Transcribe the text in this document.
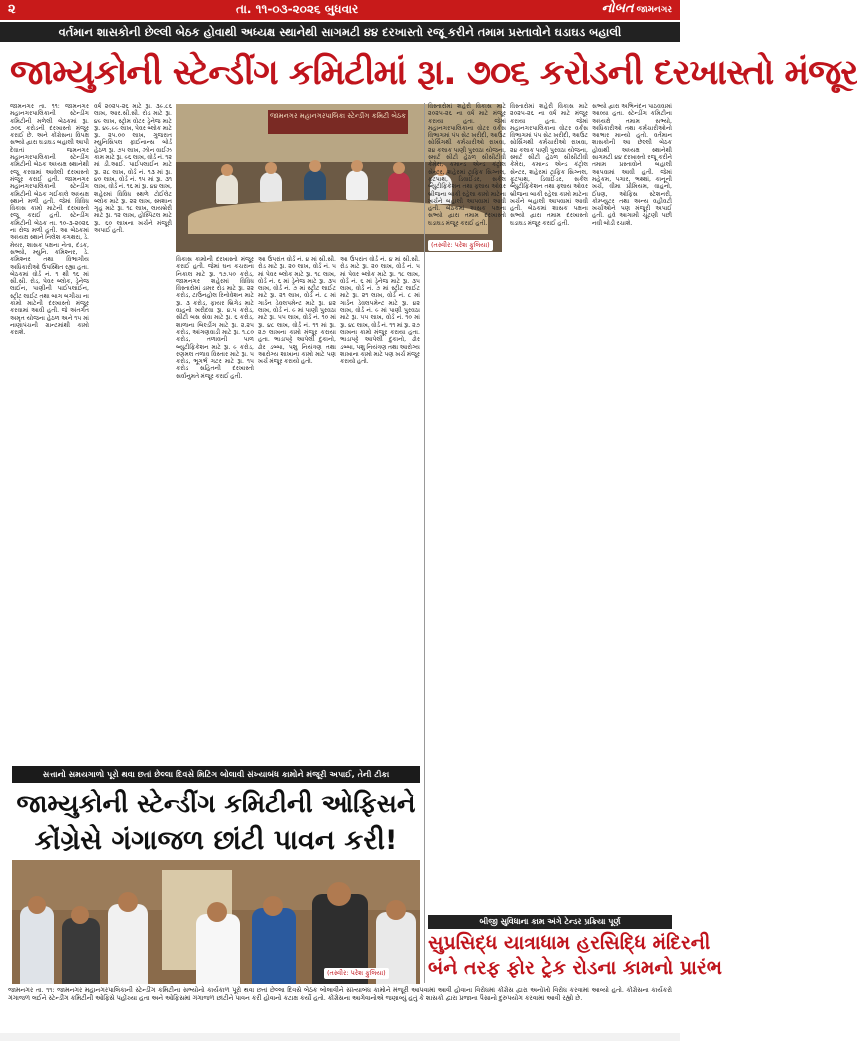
૨	તા. ૧૧-૦૩-૨૦૨૬ બુધવાર	નોબત જામનગર
વર્તમાન શાસકોની છેલ્લી બેઠક હોવાથી અધ્યક્ષ સ્થાનેથી સાગમટી ૪૪ દરખાસ્તો રજૂ કરીને તમામ પ્રસ્તાવોને ઘડાઘડ બહાલી
જામ્યુકોની સ્ટેન્ડીંગ કમિટીમાં રૂા. ૭૦૬ કરોડની દરખાસ્તો મંજૂર
જામનગર તા. ૧૧: જામનગર મહાનગરપાલિકાની સ્ટેન્ડીંગ કમિટીની મળેલી બેઠકમાં રૂા. ૭૦૬ કરોડની દરખાસ્તો મંજૂર કરાઈ છે. અને કોંગ્રેસના વિપક્ષ સભ્યો દ્વારા ઘડાઘડ બહાલી આપી દેવાતાં જમનગર મહાનગરપાલિકાની સ્ટેન્ડીંગ કમિટીની બેઠક અધ્યક્ષ સ્થાનેથી રજૂ કરવામાં આવેલી દરખાસ્તો મંજૂર કરાઈ હતી. જામનગર મહાનગરપાલિકાની સ્ટેન્ડીંગ કમિટીની બેઠક ગઈકાલે અધ્યક્ષ સ્થાને મળી હતી. જેમાં વિવિધ વિકાસ કામો માટેની દરખાસ્તો રજૂ કરાઈ હતી. સ્ટેન્ડીંગ કમિટીની બેઠક તા. ૧૦-૩-૨૦૨૬ ના રોજ મળી હતી. આ બેઠકમાં અધ્યક્ષ સ્થાને નિલેશ કગથરા, ડે. મેયર, શાસક પક્ષના નેતા, દંડક, સભ્યો, મ્યુનિ. કમિશ્નર, ડે. કમિશ્નર તથા વિભાગીય અધિકારીઓ ઉપસ્થિત રહ્યા હતા. બેઠકમાં વોર્ડ નં. ૧ થી ૧૬ માં સી.સી. રોડ, પેવર બ્લોક, ડ્રેનેજ લાઈન, પાણીની પાઈપલાઈન, સ્ટ્રીટ લાઈટ તથા બાગ બગીચા ના કામો માટેની દરખાસ્તો મંજૂર કરવામાં આવી હતી. જે અંતર્ગત અમૃત યોજના હેઠળ અને ૧૫ માં નાણાપંચની ગ્રાન્ટમાંથી કામો કરાશે.
વર્ષ ૨૦૨૫-૨૬ માટે રૂા. ૩૯.૮૬ લાખ, આર.સી.સી. રોડ માટે રૂા. ૪૯ લાખ, સ્ટ્રોમ વોટર ડ્રેનેજ માટે રૂા. ૪૯.૯૯ લાખ, પેવર બ્લોક માટે રૂા. ૨૫.૦૦ લાખ, ગુજરાત મ્યુનિસિપલ ફાઈનાન્સ બોર્ડ હેઠળ રૂા. ૭૫ લાખ, ઝોન વાઈઝ કામ માટે રૂા. ૯૬ લાખ, વોર્ડ નં. ૧૨ માં ડી.આઈ. પાઈપલાઈન માટે રૂા. ૨૮ લાખ, વોર્ડ નં. ૧૩ માં રૂા. ૪૦ લાખ, વોર્ડ નં. ૧૫ માં રૂા. ૩૧ લાખ, વોર્ડ નં. ૧૬ માં રૂા. ૪૪ લાખ, શહેરમાં વિવિધ સ્થળે ટોઈલેટ બ્લોક માટે રૂા. ૨૨ લાખ, સ્મશાન ગૃહ માટે રૂા. ૧૮ લાખ, લાયબ્રેરી માટે રૂા. ૧૨ લાખ, હોસ્પિટલ માટે રૂા. ૬૦ લાખના ખર્ચને મંજૂરી અપાઈ હતી.
જામનગર મહાનગરપાલિકા સ્ટેન્ડીંગ કમિટી બેઠક
(તસ્વીર: પરેશ ફુલિયા)
વિકાસ કામોની દરખાસ્તો મંજૂર કરાઈ હતી. જેમાં ઘન કચરાના નિકાલ માટે રૂા. ૧૭.૫૦ કરોડ, જામનગર શહેરમાં વિવિધ વિસ્તારોમાં ડામર રોડ માટે રૂા. ૨૨ કરોડ, ટાઉનહોલ રિનોવેશન માટે રૂા. ૩ કરોડ, ફાયર બ્રિગેડ માટે વાહનો ખરીદવા રૂા. ૪.૫ કરોડ, સીટી બસ સેવા માટે રૂા. ૬ કરોડ, શાળાના બિલ્ડીંગ માટે રૂા. ૨.૨૫ કરોડ, આંગણવાડી માટે રૂા. ૧.૮૦ કરોડ, તળાવની પાળ બ્યુટીફિકેશન માટે રૂા. ૯ કરોડ, રણમલ તળાવ વિસ્તાર માટે રૂા. ૫ કરોડ, ભૂગર્ભ ગટર માટે રૂા. ૧૫ કરોડ સહિતની દરખાસ્તો સર્વાનુમતે મંજૂર કરાઈ હતી.
આ ઉપરાંત વોર્ડ નં. ૪ માં સી.સી. રોડ માટે રૂા. ૨૦ લાખ, વોર્ડ નં. ૫ માં પેવર બ્લોક માટે રૂા. ૧૮ લાખ, વોર્ડ નં. ૬ માં ડ્રેનેજ માટે રૂા. ૩૫ લાખ, વોર્ડ નં. ૭ માં સ્ટ્રીટ લાઈટ માટે રૂા. ૨૧ લાખ, વોર્ડ નં. ૮ માં ગાર્ડન ડેવલપમેન્ટ માટે રૂા. ૪૨ લાખ, વોર્ડ નં. ૯ માં પાણી પુરવઠા માટે રૂા. ૫૫ લાખ, વોર્ડ નં. ૧૦ માં રૂા. ૪૮ લાખ, વોર્ડ નં. ૧૧ માં રૂા. ૨૭ લાખના કામો મંજૂર કરાયા હતા. ભાડાપટ્ટે આપેલી દુકાનો, ઢોર ડબ્બા, પશુ નિયંત્રણ તથા આરોગ્ય શાખાના કામો માટે પણ ખર્ચ મંજૂર કરાયો હતો.
આ ઉપરાંત વોર્ડ નં. ૪ માં સી.સી. રોડ માટે રૂા. ૨૦ લાખ, વોર્ડ નં. ૫ માં પેવર બ્લોક માટે રૂા. ૧૮ લાખ, વોર્ડ નં. ૬ માં ડ્રેનેજ માટે રૂા. ૩૫ લાખ, વોર્ડ નં. ૭ માં સ્ટ્રીટ લાઈટ માટે રૂા. ૨૧ લાખ, વોર્ડ નં. ૮ માં ગાર્ડન ડેવલપમેન્ટ માટે રૂા. ૪૨ લાખ, વોર્ડ નં. ૯ માં પાણી પુરવઠા માટે રૂા. ૫૫ લાખ, વોર્ડ નં. ૧૦ માં રૂા. ૪૮ લાખ, વોર્ડ નં. ૧૧ માં રૂા. ૨૭ લાખના કામો મંજૂર કરાયા હતા. ભાડાપટ્ટે આપેલી દુકાનો, ઢોર ડબ્બા, પશુ નિયંત્રણ તથા આરોગ્ય શાખાના કામો માટે પણ ખર્ચ મંજૂર કરાયો હતો.
વિસ્તારોમાં શહેરી વિકાસ માટે ૨૦૨૫-૨૬ ના વર્ષ માટે મંજૂર કરાયા હતા. જેમાં મહાનગરપાલિકાના વોટર વર્કસ વિભાગમાં પંપ સેટ ખરીદી, આઉટ સોર્સિંગથી કર્મચારીઓ રાખવા, ૨૪ કલાક પાણી પુરવઠા યોજના, સ્માર્ટ સીટી હેઠળ સીસીટીવી કેમેરા, કમાન્ડ એન્ડ કંટ્રોલ સેન્ટર, શહેરમાં ટ્રાફિક સિગ્નલ, ફૂટપાથ, ડિવાઈડર, સર્કલ બ્યુટીફિકેશન તથા ફ્લાય ઓવર બ્રીજના બાકી રહેલા કામો માટેના ખર્ચને બહાલી આપવામાં આવી હતી. બેઠકમાં શાસક પક્ષના સભ્યો દ્વારા તમામ દરખાસ્તો ઘડાઘડ મંજૂર કરાઈ હતી.
વિસ્તારોમાં શહેરી વિકાસ માટે ૨૦૨૫-૨૬ ના વર્ષ માટે મંજૂર કરાયા હતા. જેમાં મહાનગરપાલિકાના વોટર વર્કસ વિભાગમાં પંપ સેટ ખરીદી, આઉટ સોર્સિંગથી કર્મચારીઓ રાખવા, ૨૪ કલાક પાણી પુરવઠા યોજના, સ્માર્ટ સીટી હેઠળ સીસીટીવી કેમેરા, કમાન્ડ એન્ડ કંટ્રોલ સેન્ટર, શહેરમાં ટ્રાફિક સિગ્નલ, ફૂટપાથ, ડિવાઈડર, સર્કલ બ્યુટીફિકેશન તથા ફ્લાય ઓવર બ્રીજના બાકી રહેલા કામો માટેના ખર્ચને બહાલી આપવામાં આવી હતી. બેઠકમાં શાસક પક્ષના સભ્યો દ્વારા તમામ દરખાસ્તો ઘડાઘડ મંજૂર કરાઈ હતી.
સભ્યો દ્વારા અભિનંદન પાઠવવામાં આવ્યા હતા. સ્ટેન્ડીંગ કમિટીના અધ્યક્ષે તમામ સભ્યો, અધિકારીઓ તથા કર્મચારીઓનો આભાર માન્યો હતો. વર્તમાન શાસકોની આ છેલ્લી બેઠક હોવાથી અધ્યક્ષ સ્થાનેથી સાગમટી ૪૪ દરખાસ્તો રજૂ કરીને તમામ પ્રસ્તાવોને બહાલી આપવામાં આવી હતી. જેમાં મહેકમ, પગાર, ભથ્થાં, કાનૂની ખર્ચ, વીમા પ્રીમિયમ, વાહનો, ઈંધણ, ઓફિસ સ્ટેશનરી, કોમ્પ્યુટર તથા અન્ય વહીવટી ખર્ચાઓને પણ મંજૂરી અપાઈ હતી. હવે આગામી ચૂંટણી પછી નવી બોડી રચાશે.
સત્તાનો સમયગાળો પૂરો થવા છતાં છેલ્લા દિવસે મિટિંગ બોલાવી સંખ્યાબંધ કામોને મંજૂરી અપાઈ, તેની ટીકા
જામ્યુકોની સ્ટેન્ડીંગ કમિટીની ઓફિસને
કોંગ્રેસે ગંગાજળ છાંટી પાવન કરી!
(તસ્વીર: પરેશ ફુલિયા)
બીજી સુવિધાના કામ અંગે ટેન્ડર પ્રક્રિયા પૂર્ણ
સુપ્રસિદ્ધ યાત્રાધામ હરસિદ્ધિ મંદિરની
બંને તરફ ફોર ટ્રેક રોડના કામનો પ્રારંભ
જામનગર તા. ૧૧: જામનગર મહાનગરપાલિકાની સ્ટેન્ડીંગ કમિટીના સભ્યોનો કાર્યકાળ પૂરો થવા છતાં છેલ્લા દિવસે બેઠક બોલાવીને સંખ્યાબંધ કામોને મંજૂરી આપવામાં આવી હોવાના વિરોધમાં કોંગ્રેસ દ્વારા અનોખો વિરોધ કરવામાં આવ્યો હતો. કોંગ્રેસના કાર્યકરો ગંગાજળ લઈને સ્ટેન્ડીંગ કમિટીની ઓફિસે પહોંચ્યા હતા અને ઓફિસમાં ગંગાજળ છાંટીને પાવન કરી હોવાનો કટાક્ષ કર્યો હતો. કોંગ્રેસના આગેવાનોએ જણાવ્યું હતું કે શાસકો દ્વારા પ્રજાના પૈસાનો દુરુપયોગ કરવામાં આવી રહ્યો છે.
